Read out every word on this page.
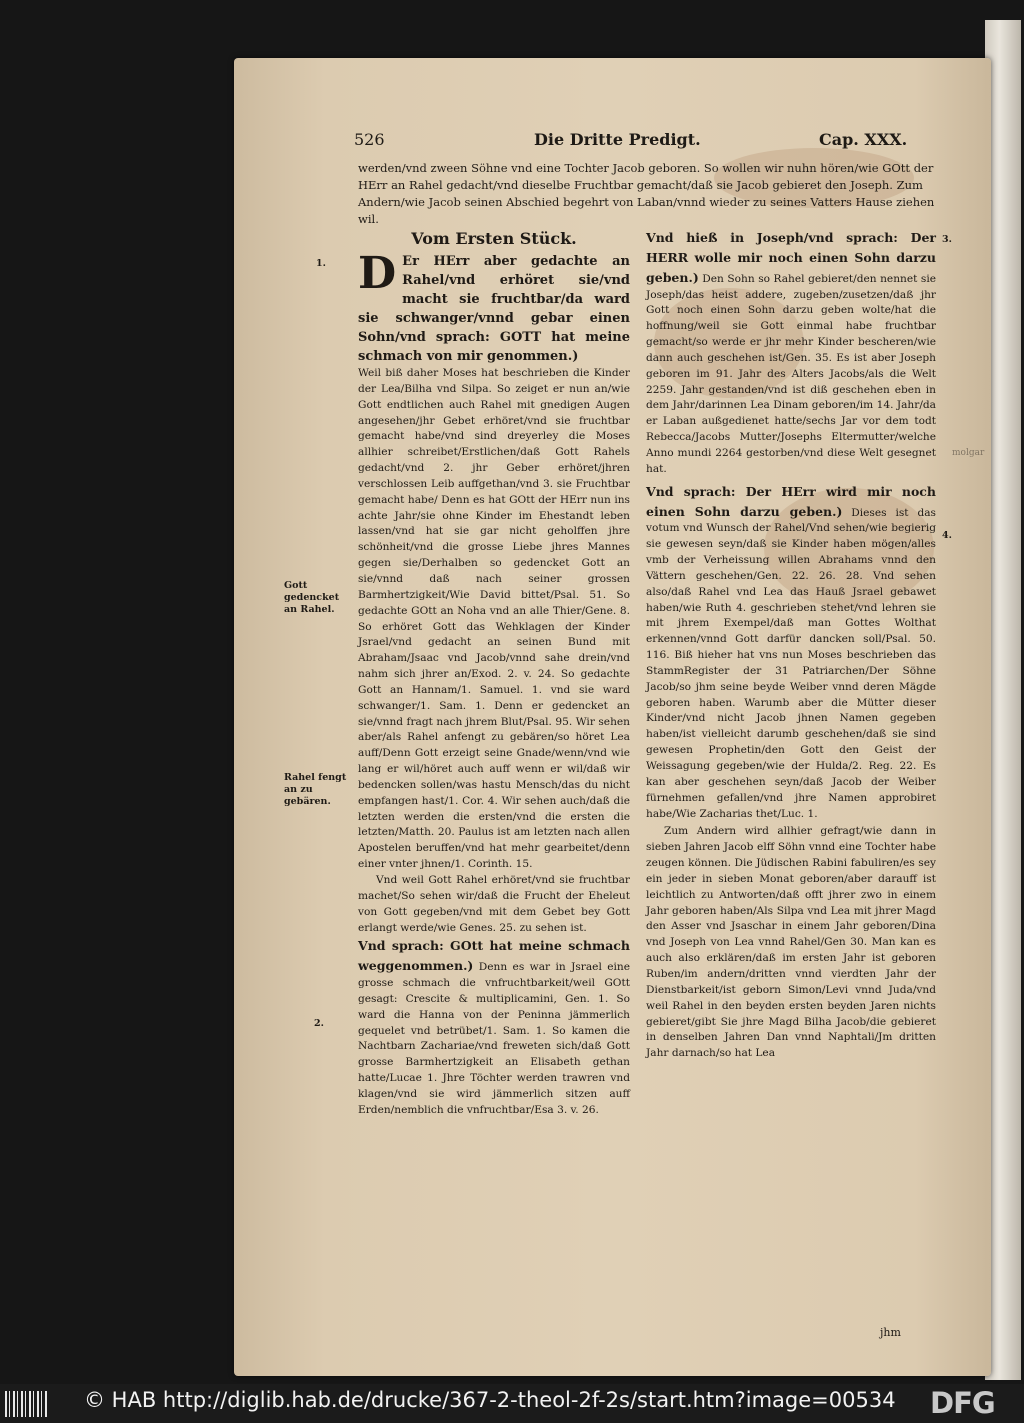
526	Die Dritte Predigt.	Cap. XXX.
werden/vnd zween Söhne vnd eine Tochter Jacob geboren. So wollen wir nuhn hören/wie GOtt der HErr an Rahel gedacht/vnd dieselbe Fruchtbar gemacht/daß sie Jacob gebieret den Joseph. Zum Andern/wie Jacob seinen Abschied begehrt von Laban/vnnd wieder zu seines Vatters Hause ziehen wil.
Vom Ersten Stück.
D Er HErr aber gedachte an Rahel/vnd erhöret sie/vnd macht sie fruchtbar/da ward sie schwanger/vnnd gebar einen Sohn/vnd sprach: GOTT hat meine schmach von mir genommen.)

Weil biß daher Moses hat beschrieben die Kinder der Lea/Bilha vnd Silpa. So zeiget er nun an/wie Gott endtlichen auch Rahel mit gnedigen Augen angesehen/jhr Gebet erhöret/vnd sie fruchtbar gemacht habe/vnd sind dreyerley die Moses allhier schreibet/Erstlichen/daß Gott Rahels gedacht/vnd 2. jhr Geber erhöret/jhren verschlossen Leib auffgethan/vnd 3. sie Fruchtbar gemacht habe/ Denn es hat GOtt der HErr nun ins achte Jahr/sie ohne Kinder im Ehestandt leben lassen/vnd hat sie gar nicht geholffen jhre schönheit/vnd die grosse Liebe jhres Mannes gegen sie/Derhalben so gedencket Gott an sie/vnnd daß nach seiner grossen Barmhertzigkeit/Wie David bittet/Psal. 51. So gedachte GOtt an Noha vnd an alle Thier/Gene. 8. So erhöret Gott das Wehklagen der Kinder Jsrael/vnd gedacht an seinen Bund mit Abraham/Jsaac vnd Jacob/vnnd sahe drein/vnd nahm sich jhrer an/Exod. 2. v. 24. So gedachte Gott an Hannam/1. Samuel. 1. vnd sie ward schwanger/1. Sam. 1. Denn er gedencket an sie/vnnd fragt nach jhrem Blut/Psal. 95. Wir sehen aber/als Rahel anfengt zu gebären/so höret Lea auff/Denn Gott erzeigt seine Gnade/wenn/vnd wie lang er wil/höret auch auff wenn er wil/daß wir bedencken sollen/was hastu Mensch/das du nicht empfangen hast/1. Cor. 4. Wir sehen auch/daß die letzten werden die ersten/vnd die ersten die letzten/Matth. 20. Paulus ist am letzten nach allen Apostelen beruffen/vnd hat mehr gearbeitet/denn einer vnter jhnen/1. Corinth. 15.

Vnd weil Gott Rahel erhöret/vnd sie fruchtbar machet/So sehen wir/daß die Frucht der Eheleut von Gott gegeben/vnd mit dem Gebet bey Gott erlangt werde/wie Genes. 25. zu sehen ist.

Vnd sprach: GOtt hat meine schmach weggenommen.) Denn es war in Jsrael eine grosse schmach die vnfruchtbarkeit/weil GOtt gesagt: Crescite & multiplicamini, Gen. 1. So ward die Hanna von der Peninna jämmerlich gequelet vnd betrübet/1. Sam. 1. So kamen die Nachtbarn Zachariae/vnd freweten sich/daß Gott grosse Barmhertzigkeit an Elisabeth gethan hatte/Lucae 1. Jhre Töchter werden trawren vnd klagen/vnd sie wird jämmerlich sitzen auff Erden/nemblich die vnfruchtbar/Esa 3. v. 26.

Vnd hieß in Joseph/vnd sprach: Der HERR wolle mir noch einen Sohn darzu geben.) Den Sohn so Rahel gebieret/den nennet sie Joseph/das heist addere, zugeben/zusetzen/daß jhr Gott noch einen Sohn darzu geben wolte/hat die hoffnung/weil sie Gott einmal habe fruchtbar gemacht/so werde er jhr mehr Kinder bescheren/wie dann auch geschehen ist/Gen. 35. Es ist aber Joseph geboren im 91. Jahr des Alters Jacobs/als die Welt 2259. Jahr gestanden/vnd ist diß geschehen eben in dem Jahr/darinnen Lea Dinam geboren/im 14. Jahr/da er Laban außgedienet hatte/sechs Jar vor dem todt Rebecca/Jacobs Mutter/Josephs Eltermutter/welche Anno mundi 2264 gestorben/vnd diese Welt gesegnet hat.

Vnd sprach: Der HErr wird mir noch einen Sohn darzu geben.) Dieses ist das votum vnd Wunsch der Rahel/Vnd sehen/wie begierig sie gewesen seyn/daß sie Kinder haben mögen/alles vmb der Verheissung willen Abrahams vnnd den Vättern geschehen/Gen. 22. 26. 28. Vnd sehen also/daß Rahel vnd Lea das Hauß Jsrael gebawet haben/wie Ruth 4. geschrieben stehet/vnd lehren sie mit jhrem Exempel/daß man Gottes Wolthat erkennen/vnnd Gott darfür dancken soll/Psal. 50. 116. Biß hieher hat vns nun Moses beschrieben das StammRegister der 31 Patriarchen/Der Söhne Jacob/so jhm seine beyde Weiber vnnd deren Mägde geboren haben. Warumb aber die Mütter dieser Kinder/vnd nicht Jacob jhnen Namen gegeben haben/ist vielleicht darumb geschehen/daß sie sind gewesen Prophetin/den Gott den Geist der Weissagung gegeben/wie der Hulda/2. Reg. 22. Es kan aber geschehen seyn/daß Jacob der Weiber fürnehmen gefallen/vnd jhre Namen approbiret habe/Wie Zacharias thet/Luc. 1.

Zum Andern wird allhier gefragt/wie dann in sieben Jahren Jacob elff Söhn vnnd eine Tochter habe zeugen können. Die Jüdischen Rabini fabuliren/es sey ein jeder in sieben Monat geboren/aber darauff ist leichtlich zu Antworten/daß offt jhrer zwo in einem Jahr geboren haben/Als Silpa vnd Lea mit jhrer Magd den Asser vnd Jsaschar in einem Jahr geboren/Dina vnd Joseph von Lea vnnd Rahel/Gen 30. Man kan es auch also erklären/daß im ersten Jahr ist geboren Ruben/im andern/dritten vnnd vierdten Jahr der Dienstbarkeit/ist geborn Simon/Levi vnnd Juda/vnd weil Rahel in den beyden ersten beyden Jaren nichts gebieret/gibt Sie jhre Magd Bilha Jacob/die gebieret in denselben Jahren Dan vnnd Naphtali/Jm dritten Jahr darnach/so hat Lea

1.
2.
3.
4.
Gott gedencket an Rahel.
Rahel fengt an zu gebären.
molgar
jhm
© HAB http://diglib.hab.de/drucke/367-2-theol-2f-2s/start.htm?image=00534 DFG
